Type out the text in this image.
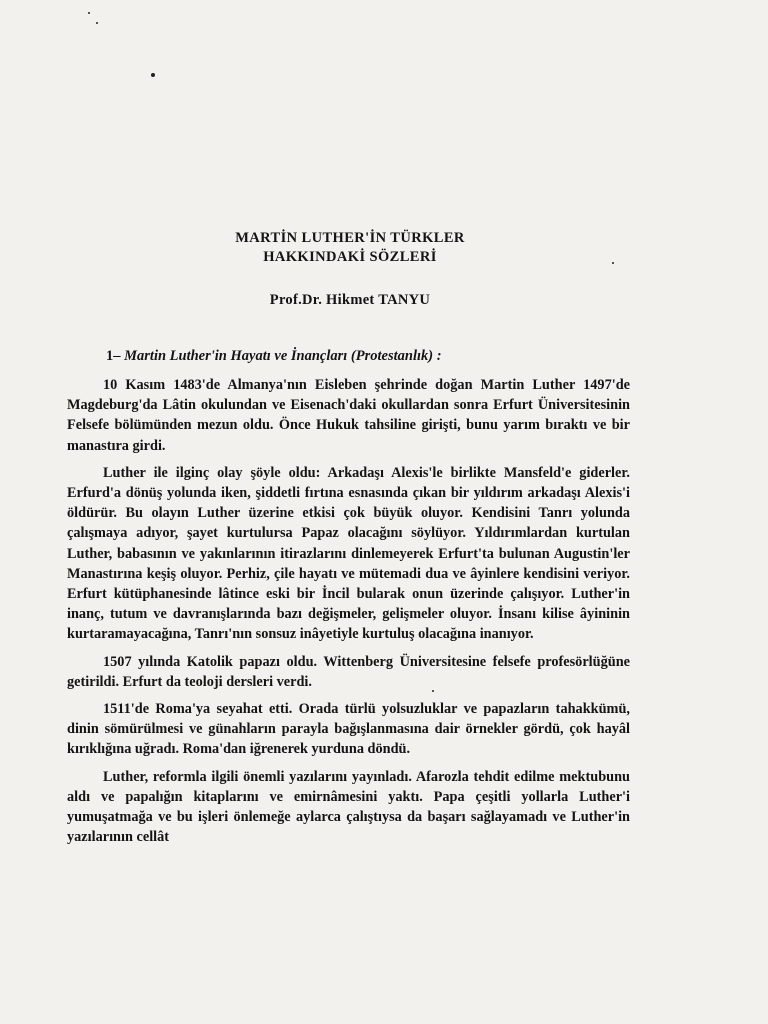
MARTİN LUTHER'İN TÜRKLER
HAKKINDAKİ SÖZLERİ
Prof.Dr. Hikmet TANYU
1– Martin Luther'in Hayatı ve İnançları (Protestanlık) :

10 Kasım 1483'de Almanya'nın Eisleben şehrinde doğan Martin Luther 1497'de Magdeburg'da Lâtin okulundan ve Eisenach'daki okullardan sonra Erfurt Üniversitesinin Felsefe bölümünden mezun oldu. Önce Hukuk tahsiline girişti, bunu yarım bıraktı ve bir manastıra girdi.

Luther ile ilginç olay şöyle oldu: Arkadaşı Alexis'le birlikte Mansfeld'e giderler. Erfurd'a dönüş yolunda iken, şiddetli fırtına esnasında çıkan bir yıldırım arkadaşı Alexis'i öldürür. Bu olayın Luther üzerine etkisi çok büyük oluyor. Kendisini Tanrı yolunda çalışmaya adıyor, şayet kurtulursa Papaz olacağını söylüyor. Yıldırımlardan kurtulan Luther, babasının ve yakınlarının itirazlarını dinlemeyerek Erfurt'ta bulunan Augustin'ler Manastırına keşiş oluyor. Perhiz, çile hayatı ve mütemadi dua ve âyinlere kendisini veriyor. Erfurt kütüphanesinde lâtince eski bir İncil bularak onun üzerinde çalışıyor. Luther'in inanç, tutum ve davranışlarında bazı değişmeler, gelişmeler oluyor. İnsanı kilise âyininin kurtaramayacağına, Tanrı'nın sonsuz inâyetiyle kurtuluş olacağına inanıyor.

1507 yılında Katolik papazı oldu. Wittenberg Üniversitesine felsefe profesörlüğüne getirildi. Erfurt da teoloji dersleri verdi.

1511'de Roma'ya seyahat etti. Orada türlü yolsuzluklar ve papazların tahakkümü, dinin sömürülmesi ve günahların parayla bağışlanmasına dair örnekler gördü, çok hayâl kırıklığına uğradı. Roma'dan iğrenerek yurduna döndü.

Luther, reformla ilgili önemli yazılarını yayınladı. Afarozla tehdit edilme mektubunu aldı ve papalığın kitaplarını ve emirnâmesini yaktı. Papa çeşitli yollarla Luther'i yumuşatmağa ve bu işleri önlemeğe aylarca çalıştıysa da başarı sağlayamadı ve Luther'in yazılarının cellât
